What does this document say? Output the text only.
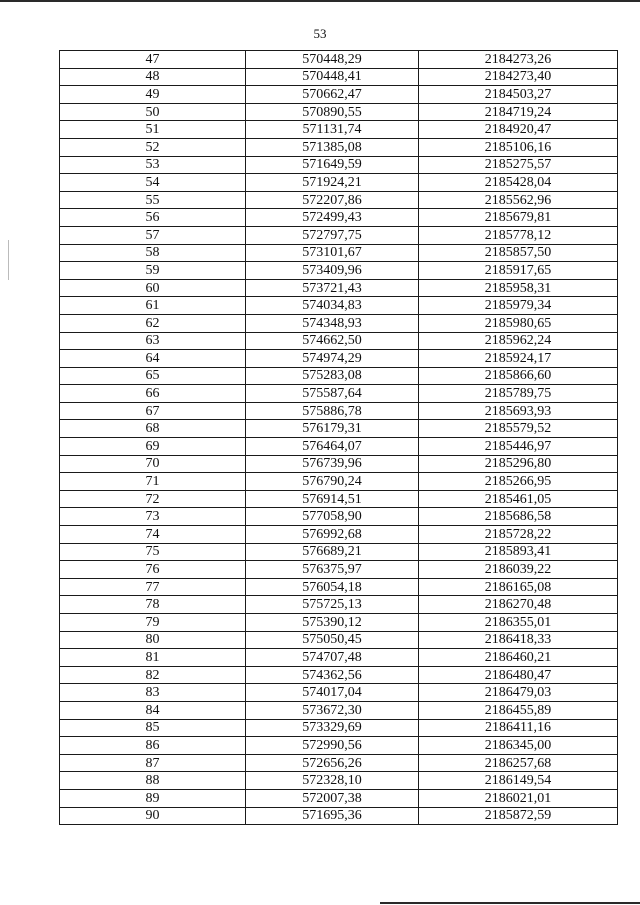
53
47	570448,29	2184273,26
48	570448,41	2184273,40
49	570662,47	2184503,27
50	570890,55	2184719,24
51	571131,74	2184920,47
52	571385,08	2185106,16
53	571649,59	2185275,57
54	571924,21	2185428,04
55	572207,86	2185562,96
56	572499,43	2185679,81
57	572797,75	2185778,12
58	573101,67	2185857,50
59	573409,96	2185917,65
60	573721,43	2185958,31
61	574034,83	2185979,34
62	574348,93	2185980,65
63	574662,50	2185962,24
64	574974,29	2185924,17
65	575283,08	2185866,60
66	575587,64	2185789,75
67	575886,78	2185693,93
68	576179,31	2185579,52
69	576464,07	2185446,97
70	576739,96	2185296,80
71	576790,24	2185266,95
72	576914,51	2185461,05
73	577058,90	2185686,58
74	576992,68	2185728,22
75	576689,21	2185893,41
76	576375,97	2186039,22
77	576054,18	2186165,08
78	575725,13	2186270,48
79	575390,12	2186355,01
80	575050,45	2186418,33
81	574707,48	2186460,21
82	574362,56	2186480,47
83	574017,04	2186479,03
84	573672,30	2186455,89
85	573329,69	2186411,16
86	572990,56	2186345,00
87	572656,26	2186257,68
88	572328,10	2186149,54
89	572007,38	2186021,01
90	571695,36	2185872,59
